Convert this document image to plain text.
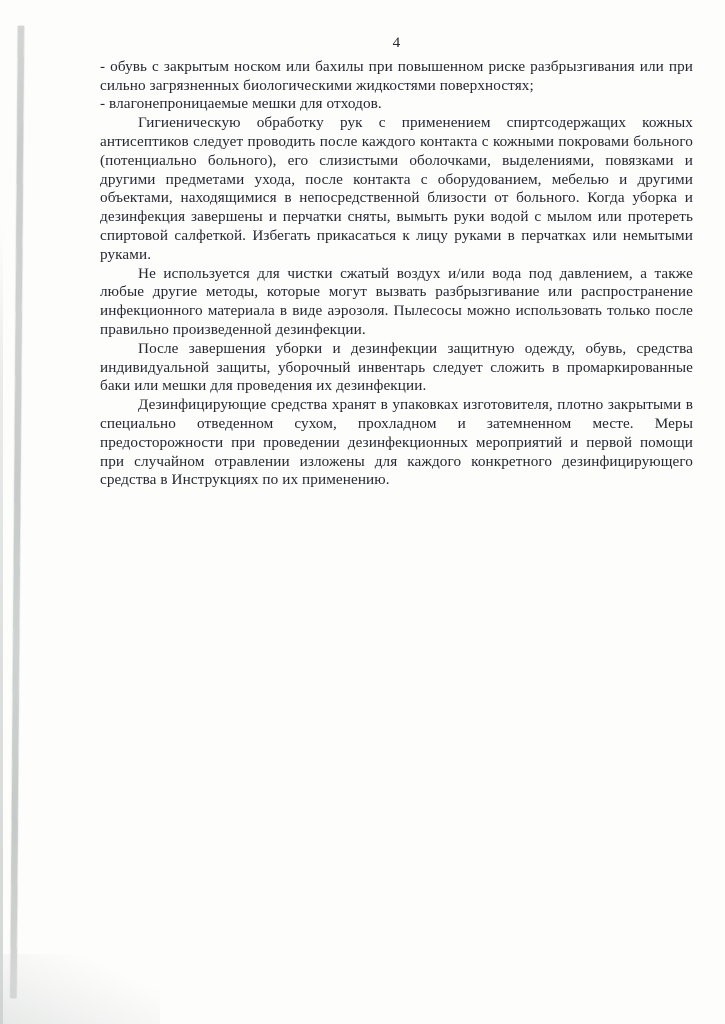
4

- обувь с закрытым носком или бахилы при повышенном риске разбрызгивания или при сильно загрязненных биологическими жидкостями поверхностях;

- влагонепроницаемые мешки для отходов.

Гигиеническую обработку рук с применением спиртсодержащих кожных антисептиков следует проводить после каждого контакта с кожными покровами больного (потенциально больного), его слизистыми оболочками, выделениями, повязками и другими предметами ухода, после контакта с оборудованием, мебелью и другими объектами, находящимися в непосредственной близости от больного. Когда уборка и дезинфекция завершены и перчатки сняты, вымыть руки водой с мылом или протереть спиртовой салфеткой. Избегать прикасаться к лицу руками в перчатках или немытыми руками.

Не используется для чистки сжатый воздух и/или вода под давлением, а также любые другие методы, которые могут вызвать разбрызгивание или распространение инфекционного материала в виде аэрозоля. Пылесосы можно использовать только после правильно произведенной дезинфекции.

После завершения уборки и дезинфекции защитную одежду, обувь, средства индивидуальной защиты, уборочный инвентарь следует сложить в промаркированные баки или мешки для проведения их дезинфекции.

Дезинфицирующие средства хранят в упаковках изготовителя, плотно закрытыми в специально отведенном сухом, прохладном и затемненном месте. Меры предосторожности при проведении дезинфекционных мероприятий и первой помощи при случайном отравлении изложены для каждого конкретного дезинфицирующего средства в Инструкциях по их применению.
